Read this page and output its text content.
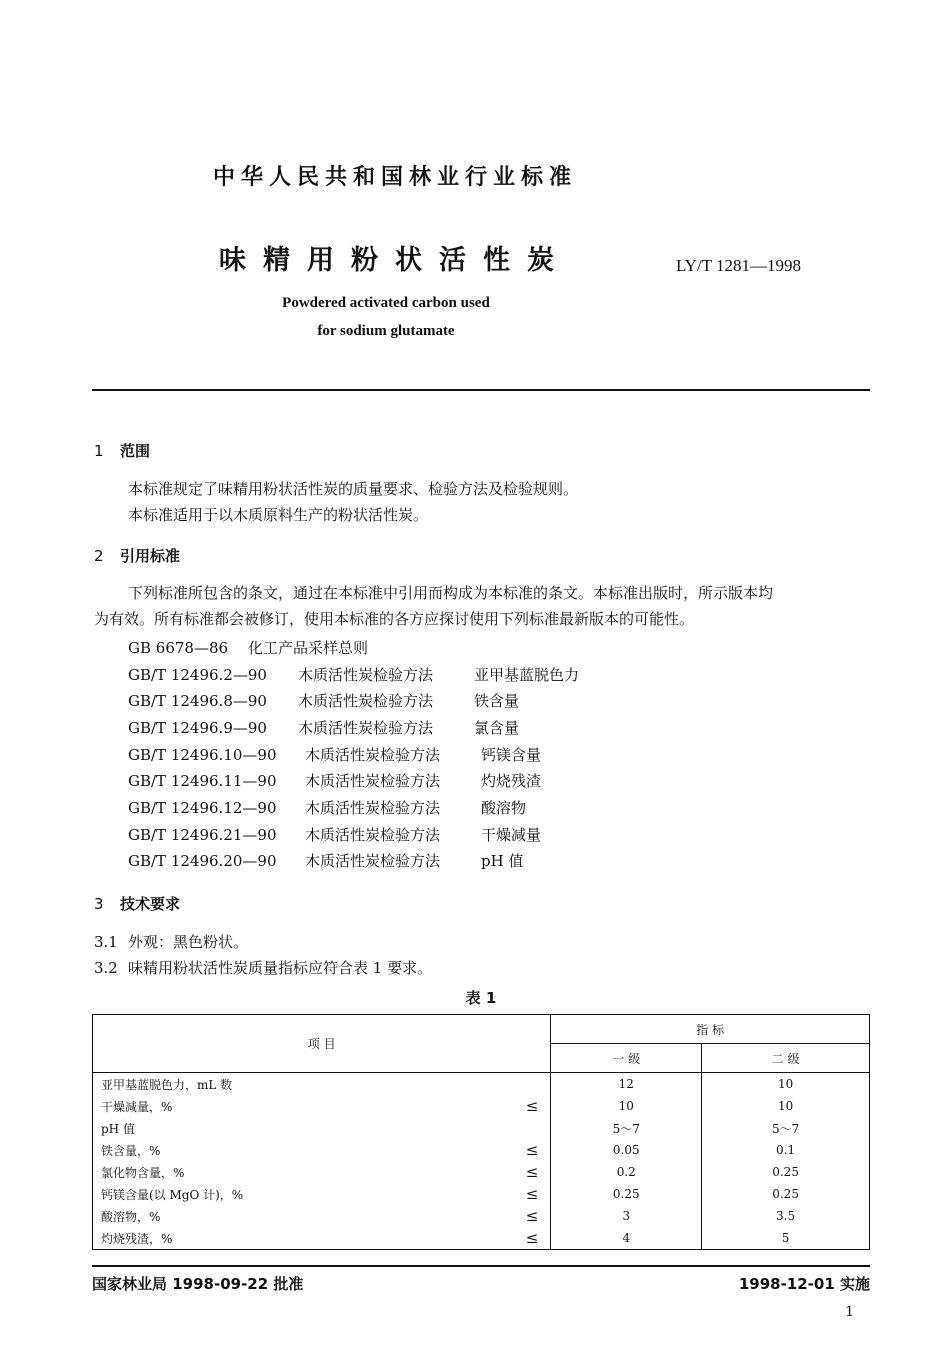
中华人民共和国林业行业标准
味精用粉状活性炭	LY/T 1281—1998
Powdered activated carbon used
for sodium glutamate
1 范围
本标准规定了味精用粉状活性炭的质量要求、检验方法及检验规则。
本标准适用于以木质原料生产的粉状活性炭。
2 引用标准
下列标准所包含的条文，通过在本标准中引用而构成为本标准的条文。本标准出版时，所示版本均
为有效。所有标准都会被修订，使用本标准的各方应探讨使用下列标准最新版本的可能性。
GB 6678—86 化工产品采样总则
GB/T 12496.2—90 木质活性炭检验方法	亚甲基蓝脱色力
GB/T 12496.8—90 木质活性炭检验方法	铁含量
GB/T 12496.9—90 木质活性炭检验方法	氯含量
GB/T 12496.10—90 木质活性炭检验方法	钙镁含量
GB/T 12496.11—90 木质活性炭检验方法	灼烧残渣
GB/T 12496.12—90 木质活性炭检验方法	酸溶物
GB/T 12496.21—90 木质活性炭检验方法	干燥减量
GB/T 12496.20—90 木质活性炭检验方法	pH 值
3 技术要求
3.1 外观：黑色粉状。
3.2 味精用粉状活性炭质量指标应符合表 1 要求。
表 1
项 目	指 标	
	一 级	二 级
亚甲基蓝脱色力，mL 数	12	10
干燥减量，% ≤	10	10
pH 值	5～7	5～7
铁含量，% ≤	0.05	0.1
氯化物含量，% ≤	0.2	0.25
钙镁含量(以 MgO 计)，% ≤	0.25	0.25
酸溶物，% ≤	3	3.5
灼烧残渣，% ≤	4	5
国家林业局 1998-09-22 批准	1998-12-01 实施
1
